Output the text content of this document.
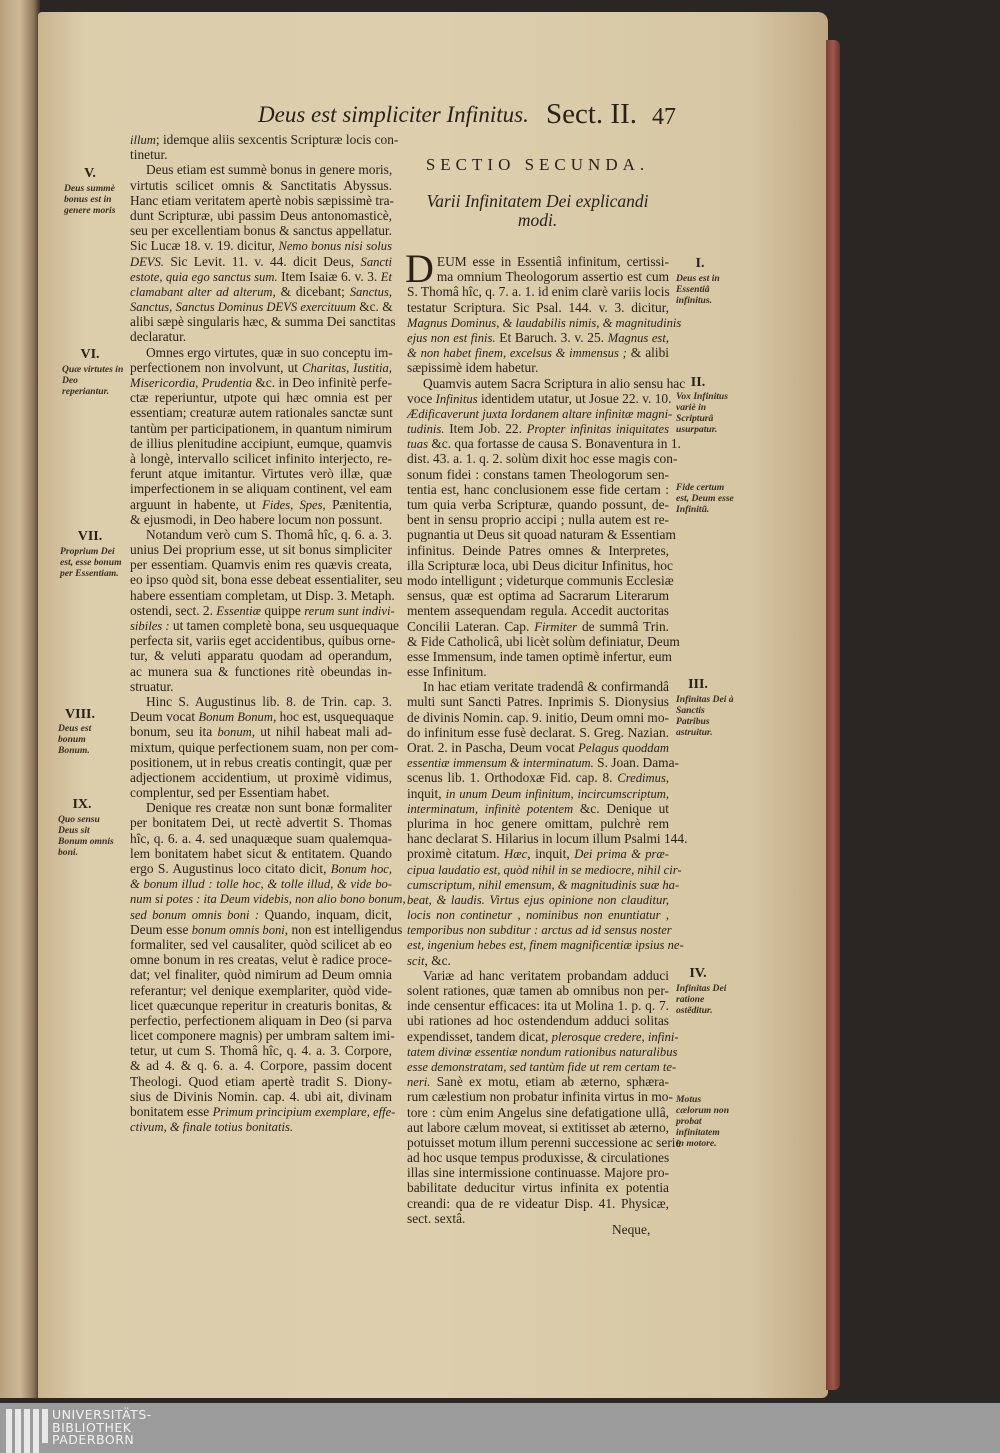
Deus est simpliciter Infinitus. Sect. II. 47
SECTIO SECUNDA.
Varii Infinitatem Dei explicandi
modi.
illum; idemque aliis sexcentis Scripturæ locis con-
tinetur.
Deus etiam est summè bonus in genere moris,
virtutis scilicet omnis & Sanctitatis Abyssus.
Hanc etiam veritatem apertè nobis sæpissimè tra-
dunt Scripturæ, ubi passim Deus antonomasticè,
seu per excellentiam bonus & sanctus appellatur.
Sic Lucæ 18. v. 19. dicitur, Nemo bonus nisi solus
DEVS. Sic Levit. 11. v. 44. dicit Deus, Sancti
estote, quia ego sanctus sum. Item Isaiæ 6. v. 3. Et
clamabant alter ad alterum, & dicebant; Sanctus,
Sanctus, Sanctus Dominus DEVS exercituum &c. &
alibi sæpè singularis hæc, & summa Dei sanctitas
declaratur.
Omnes ergo virtutes, quæ in suo conceptu im-
perfectionem non involvunt, ut Charitas, Iustitia,
Misericordia, Prudentia &c. in Deo infinitè perfe-
ctæ reperiuntur, utpote qui hæc omnia est per
essentiam; creaturæ autem rationales sanctæ sunt
tantùm per participationem, in quantum nimirum
de illius plenitudine accipiunt, eumque, quamvis
à longè, intervallo scilicet infinito interjecto, re-
ferunt atque imitantur. Virtutes verò illæ, quæ
imperfectionem in se aliquam continent, vel eam
arguunt in habente, ut Fides, Spes, Pænitentia,
& ejusmodi, in Deo habere locum non possunt.
Notandum verò cum S. Thomâ hîc, q. 6. a. 3.
unius Dei proprium esse, ut sit bonus simpliciter
per essentiam. Quamvis enim res quævis creata,
eo ipso quòd sit, bona esse debeat essentialiter, seu
habere essentiam completam, ut Disp. 3. Metaph.
ostendi, sect. 2. Essentiæ quippe rerum sunt indivi-
sibiles : ut tamen completè bona, seu usquequaque
perfecta sit, variis eget accidentibus, quibus orne-
tur, & veluti apparatu quodam ad operandum,
ac munera sua & functiones ritè obeundas in-
struatur.
Hinc S. Augustinus lib. 8. de Trin. cap. 3.
Deum vocat Bonum Bonum, hoc est, usquequaque
bonum, seu ita bonum, ut nihil habeat mali ad-
mixtum, quique perfectionem suam, non per com-
positionem, ut in rebus creatis contingit, quæ per
adjectionem accidentium, ut proximè vidimus,
complentur, sed per Essentiam habet.
Denique res creatæ non sunt bonæ formaliter
per bonitatem Dei, ut rectè advertit S. Thomas
hîc, q. 6. a. 4. sed unaquæque suam qualemqua-
lem bonitatem habet sicut & entitatem. Quando
ergo S. Augustinus loco citato dicit, Bonum hoc,
& bonum illud : tolle hoc, & tolle illud, & vide bo-
num si potes : ita Deum videbis, non alio bono bonum,
sed bonum omnis boni : Quando, inquam, dicit,
Deum esse bonum omnis boni, non est intelligendus
formaliter, sed vel causaliter, quòd scilicet ab eo
omne bonum in res creatas, velut è radice proce-
dat; vel finaliter, quòd nimirum ad Deum omnia
referantur; vel denique exemplariter, quòd vide-
licet quæcunque reperitur in creaturis bonitas, &
perfectio, perfectionem aliquam in Deo (si parva
licet componere magnis) per umbram saltem imi-
tetur, ut cum S. Thomâ hîc, q. 4. a. 3. Corpore,
& ad 4. & q. 6. a. 4. Corpore, passim docent
Theologi. Quod etiam apertè tradit S. Diony-
sius de Divinis Nomin. cap. 4. ubi ait, divinam
bonitatem esse Primum principium exemplare, effe-
ctivum, & finale totius bonitatis.
D EUM esse in Essentiâ infinitum, certissi-
ma omnium Theologorum assertio est cum
S. Thomâ hîc, q. 7. a. 1. id enim clarè variis locis
testatur Scriptura. Sic Psal. 144. v. 3. dicitur,
Magnus Dominus, & laudabilis nimis, & magnitudinis
ejus non est finis. Et Baruch. 3. v. 25. Magnus est,
& non habet finem, excelsus & immensus ; & alibi
sæpissimè idem habetur.
Quamvis autem Sacra Scriptura in alio sensu hac
voce Infinitus identidem utatur, ut Josue 22. v. 10.
Ædificaverunt juxta Iordanem altare infinitæ magni-
tudinis. Item Job. 22. Propter infinitas iniquitates
tuas &c. qua fortasse de causa S. Bonaventura in 1.
dist. 43. a. 1. q. 2. solùm dixit hoc esse magis con-
sonum fidei : constans tamen Theologorum sen-
tentia est, hanc conclusionem esse fide certam :
tum quia verba Scripturæ, quando possunt, de-
bent in sensu proprio accipi ; nulla autem est re-
pugnantia ut Deus sit quoad naturam & Essentiam
infinitus. Deinde Patres omnes & Interpretes,
illa Scripturæ loca, ubi Deus dicitur Infinitus, hoc
modo intelligunt ; videturque communis Ecclesiæ
sensus, quæ est optima ad Sacrarum Literarum
mentem assequendam regula. Accedit auctoritas
Concilii Lateran. Cap. Firmiter de summâ Trin.
& Fide Catholicâ, ubi licèt solùm definiatur, Deum
esse Immensum, inde tamen optimè infertur, eum
esse Infinitum.
In hac etiam veritate tradendâ & confirmandâ
multi sunt Sancti Patres. Inprimis S. Dionysius
de divinis Nomin. cap. 9. initio, Deum omni mo-
do infinitum esse fusè declarat. S. Greg. Nazian.
Orat. 2. in Pascha, Deum vocat Pelagus quoddam
essentiæ immensum & interminatum. S. Joan. Dama-
scenus lib. 1. Orthodoxæ Fid. cap. 8. Credimus,
inquit, in unum Deum infinitum, incircumscriptum,
interminatum, infinitè potentem &c. Denique ut
plurima in hoc genere omittam, pulchrè rem
hanc declarat S. Hilarius in locum illum Psalmi 144.
proximè citatum. Hæc, inquit, Dei prima & præ-
cipua laudatio est, quòd nihil in se mediocre, nihil cir-
cumscriptum, nihil emensum, & magnitudinis suæ ha-
beat, & laudis. Virtus ejus opinione non clauditur,
locis non continetur , nominibus non enuntiatur ,
temporibus non subditur : arctus ad id sensus noster
est, ingenium hebes est, finem magnificentiæ ipsius ne-
scit, &c.
Variæ ad hanc veritatem probandam adduci
solent rationes, quæ tamen ab omnibus non per-
inde censentur efficaces: ita ut Molina 1. p. q. 7.
ubi rationes ad hoc ostendendum adduci solitas
expendisset, tandem dicat, plerosque credere, infini-
tatem divinæ essentiæ nondum rationibus naturalibus
esse demonstratam, sed tantùm fide ut rem certam te-
neri. Sanè ex motu, etiam ab æterno, sphæra-
rum cælestium non probatur infinita virtus in mo-
tore : cùm enim Angelus sine defatigatione ullâ,
aut labore cælum moveat, si extitisset ab æterno,
potuisset motum illum perenni successione ac serie
ad hoc usque tempus produxisse, & circulationes
illas sine intermissione continuasse. Majore pro-
babilitate deducitur virtus infinita ex potentia
creandi: qua de re videatur Disp. 41. Physicæ,
sect. sextâ.
V.
Deus summè bonus est in genere moris
VI.
Quæ virtutes in Deo reperiantur.
VII.
Proprium Dei est, esse bonum per Essentiam.
VIII.
Deus est bonum Bonum.
IX.
Quo sensu Deus sit Bonum omnis boni.
I.
Deus est in Essentiâ infinitus.
II.
Vox Infinitus variè in Scripturâ usurpatur.
Fide certum est, Deum esse Infinitũ.
III.
Infinitas Dei à Sanctis Patribus astruitur.
IV.
Infinitas Dei ratione ostẽditur.
Motus cælorum non probat infinitatem in motore.
Neque,
UNIVERSITÄTS-
BIBLIOTHEK
PADERBORN
